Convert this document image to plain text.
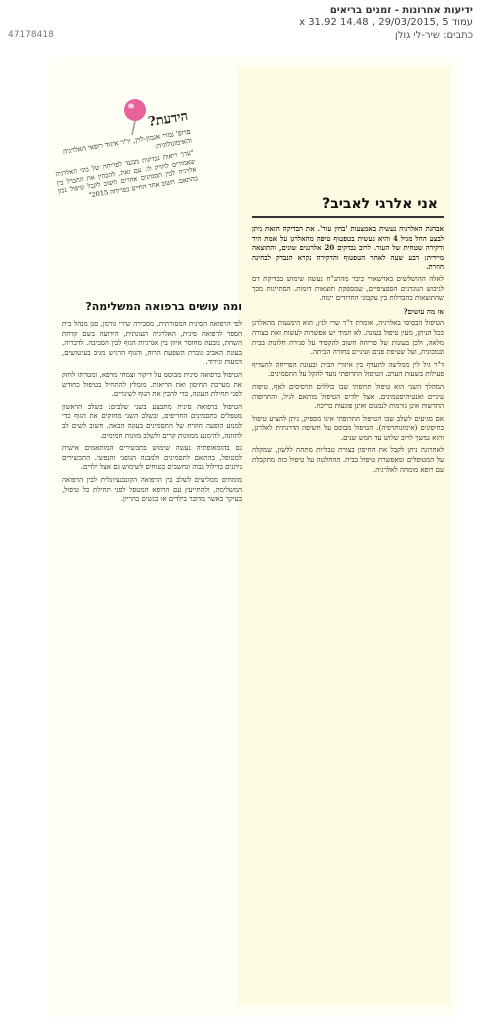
ידיעות אחרונות - זמנים בריאים
עמוד 5 ,29/03/2015 , 14.48 x 31.92
כתבים: שיר-לי גולן
47178418
הידעת?
פרופ' נמרי אגמון-לוין, יו"ר איגוד רופאי האלרגיה והאימונולוגיה:
"ערך ריאות נבדקות מבעד לפריחה של בוני האלרגיה שאמורים להזיק לו. עם זאת, להבחין את ההבדל בין אלרגיה לבין תסמינים אחרים חשוב לקבל טיפול נכון בהתאם. חשוב אחד החיים בפריחה 2015"
אני אלרגי לאביב?

אבחנת האלרגיה נעשית באמצעות 'בחין עור'. את הבדיקה הזאת ניתן לבצע החל מגיל 4 והיא נעשית בטפטוף טיפה מהאלרגן על אמת היד ודקירה שטחית של העור. לרוב נבדקים 20 אלרגנים שונים, והתוצאה מיידית: רבע שעה לאחר הטפטוף והדקירה נקרא הנבדק לבחינה חוזרת.

לאלה ההושלשים באוישארי כיבר מהתנ"ח נעשה שימוש בבדיקת דם לגיבוש הנוגדנים הספציפיים, שמספקת תוצאות דומות. הסתייגות מכך שהתוצאות בהבדלות בין עקבוני החרודים יימה.

אז מה עושים?

הטיפול הבסיסי באלרגיה, אומרת ד"ר שרי לנץ, הוא הימנעות מהאלרגן ככל הניתן, מעין טיפול בעונה. לא תמיד יש אפשרות לעשות זאת בצורה מלאה, ולכן בעונות של פריחה חשוב להקפיד על סגירת חלונות בבית ובמכונית, ועל שטיפת פנים ועיניים בחזרה הביתה.

ד"ר גיל לין ממליצה לתעדף בין איזורי הבית ובעונת הפריחה להעדיף פעילות בשעות הערב. הטיפול התרופתי נועד להקל על התסמינים.

המהלך השני הוא טיפול תרופתי שבו כוללים תרסיסים לאף, טיפות עיניים ואנטיהיסטמינים. אצל ילדים הטיפול מותאם לגיל, והתרופות החדשות אינן גורמות לנמנום ואינן פוגעות בריכוז.

אם מגיעים לשלב שבו הטיפול התרופתי אינו מספיק, ניתן להציע טיפול בחיסונים (אימונותרפיה). הטיפול מבוסס על חשיפה הדרגתית לאלרגן, והוא נמשך לרוב שלוש עד חמש שנים.

לאחרונה ניתן לקבל את החיסון בצורת טבליות מתחת ללשון, שמקלה על המטופלים ומאפשרת טיפול בבית. ההחלטה על טיפול כזה מתקבלת עם רופא מומחה לאלרגיה.

ומה עושים ברפואה המשלימה?

לפי הרפואה הסינית המסורתית, מסבירה שירי גורמן, סגן מנהל בית הספר לרפואה סינית, האלרגיה העונתית, הידועה בשם קדחת השחת, נובעת מחוסר איזון בין אנרגיות הגוף לבין הסביבה. לדבריה, בעונת האביב גוברת השפעת הרוח, והגוף הרגיש מגיב בעיטושים, דמעות וגירוד.

הטיפול ברפואה סינית מבוסס על דיקור וצמחי מרפא, ומטרתו לחזק את מערכת החיסון ואת הריאות. מומלץ להתחיל בטיפול כחודש לפני תחילת העונה, כדי להכין את הגוף לשינויים.

הטיפול ברפואה סינית מתבצע בשני שלבים: בשלב הראשון מטפלים בתסמינים החריפים, ובשלב השני מחזקים את הגוף כדי למנוע הופעה חוזרת של התסמינים בעונה הבאה. חשוב לשים לב לתזונה, להימנע ממזונות קרים ולשלב מזונות חמימים.

גם בהומאופתיה נעשה שימוש בתכשירים המותאמים אישית למטופל, בהתאם לתסמינים ולמבנה הגופני והנפשי. התכשירים ניתנים בדילול גבוה ונחשבים בטוחים לשימוש גם אצל ילדים.

מומחים ממליצים לשלב בין הרפואה הקונבנציונלית לבין הרפואה המשלימה, ולהתייעץ עם הרופא המטפל לפני תחילת כל טיפול, בעיקר כאשר מדובר בילדים או בנשים בהריון.
